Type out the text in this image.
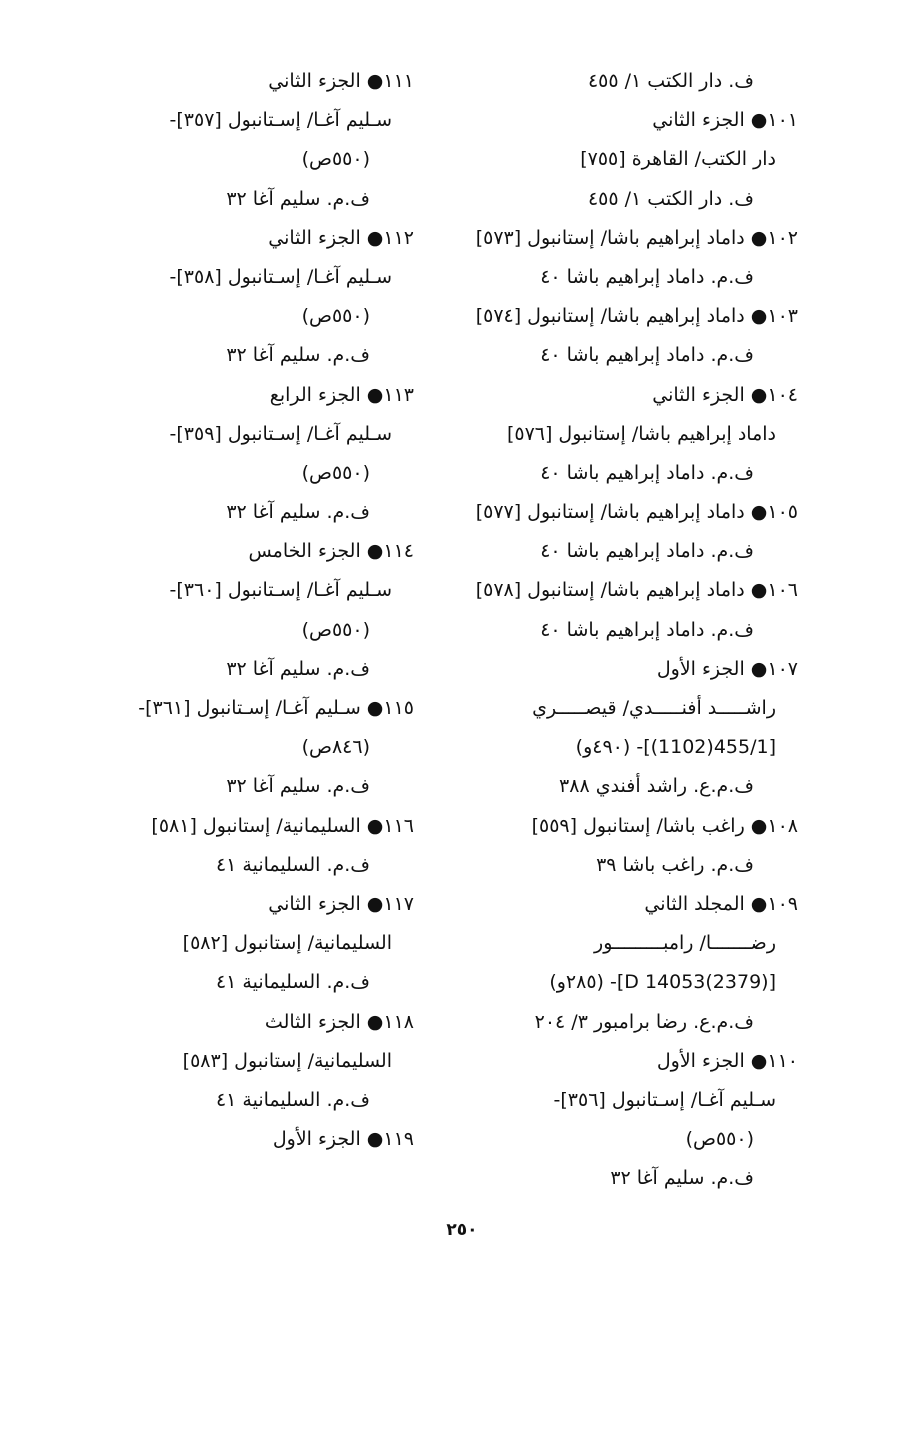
ف. دار الكتب ١/ ٤٥٥
١٠١● الجزء الثاني
دار الكتب/ القاهرة [٧٥٥]
ف. دار الكتب ١/ ٤٥٥
١٠٢● داماد إبراهيم باشا/ إستانبول [٥٧٣]
ف.م. داماد إبراهيم باشا ٤٠
١٠٣● داماد إبراهيم باشا/ إستانبول [٥٧٤]
ف.م. داماد إبراهيم باشا ٤٠
١٠٤● الجزء الثاني
داماد إبراهيم باشا/ إستانبول [٥٧٦]
ف.م. داماد إبراهيم باشا ٤٠
١٠٥● داماد إبراهيم باشا/ إستانبول [٥٧٧]
ف.م. داماد إبراهيم باشا ٤٠
١٠٦● داماد إبراهيم باشا/ إستانبول [٥٧٨]
ف.م. داماد إبراهيم باشا ٤٠
١٠٧● الجزء الأول
راشـــــد أفنـــــدي/ قيصـــــري
[455/1(1102)]- (٤٩٠و)
ف.م.ع. راشد أفندي ٣٨٨
١٠٨● راغب باشا/ إستانبول [٥٥٩]
ف.م. راغب باشا ٣٩
١٠٩● المجلد الثاني
رضـــــــا/ رامبـــــــــور
[D 14053(2379)]- (٢٨٥و)
ف.م.ع. رضا برامبور ٣/ ٢٠٤
١١٠● الجزء الأول
سـليم آغـا/ إسـتانبول [٣٥٦]-
(٥٥٠ص)
ف.م. سليم آغا ٣٢
١١١● الجزء الثاني
سـليم آغـا/ إسـتانبول [٣٥٧]-
(٥٥٠ص)
ف.م. سليم آغا ٣٢
١١٢● الجزء الثاني
سـليم آغـا/ إسـتانبول [٣٥٨]-
(٥٥٠ص)
ف.م. سليم آغا ٣٢
١١٣● الجزء الرابع
سـليم آغـا/ إسـتانبول [٣٥٩]-
(٥٥٠ص)
ف.م. سليم آغا ٣٢
١١٤● الجزء الخامس
سـليم آغـا/ إسـتانبول [٣٦٠]-
(٥٥٠ص)
ف.م. سليم آغا ٣٢
١١٥● سـليم آغـا/ إسـتانبول [٣٦١]-
(٨٤٦ص)
ف.م. سليم آغا ٣٢
١١٦● السليمانية/ إستانبول [٥٨١]
ف.م. السليمانية ٤١
١١٧● الجزء الثاني
السليمانية/ إستانبول [٥٨٢]
ف.م. السليمانية ٤١
١١٨● الجزء الثالث
السليمانية/ إستانبول [٥٨٣]
ف.م. السليمانية ٤١
١١٩● الجزء الأول
٢٥٠
